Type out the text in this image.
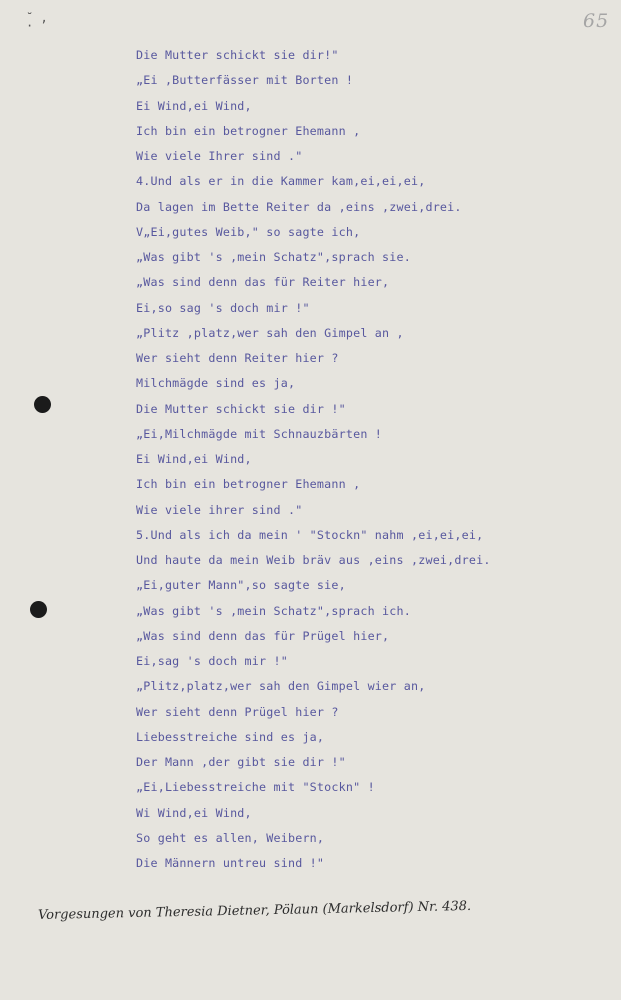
65
˘ ,
·
Die Mutter schickt sie dir!"
„Ei ,Butterfässer mit Borten !
Ei Wind,ei Wind,
Ich bin ein betrogner Ehemann ,
Wie viele Ihrer sind ."
4.Und als er in die Kammer kam,ei,ei,ei,
Da lagen im Bette Reiter da ,eins ,zwei,drei.
V„Ei,gutes Weib," so sagte ich,
„Was gibt 's ,mein Schatz",sprach sie.
„Was sind denn das für Reiter hier,
Ei,so sag 's doch mir !"
„Plitz ,platz,wer sah den Gimpel an ,
Wer sieht denn Reiter hier ?
Milchmägde sind es ja,
Die Mutter schickt sie dir !"
„Ei,Milchmägde mit Schnauzbärten !
Ei Wind,ei Wind,
Ich bin ein betrogner Ehemann ,
Wie viele ihrer sind ."
5.Und als ich da mein ' "Stockn" nahm ,ei,ei,ei,
Und haute da mein Weib bräv aus ,eins ,zwei,drei.
„Ei,guter Mann",so sagte sie,
„Was gibt 's ,mein Schatz",sprach ich.
„Was sind denn das für Prügel hier,
Ei,sag 's doch mir !"
„Plitz,platz,wer sah den Gimpel wier an,
Wer sieht denn Prügel hier ?
Liebesstreiche sind es ja,
Der Mann ,der gibt sie dir !"
„Ei,Liebesstreiche mit "Stockn" !
Wi Wind,ei Wind,
So geht es allen, Weibern,
Die Männern untreu sind !"
Vorgesungen von Theresia Dietner, Pölaun (Markelsdorf) Nr. 438.
